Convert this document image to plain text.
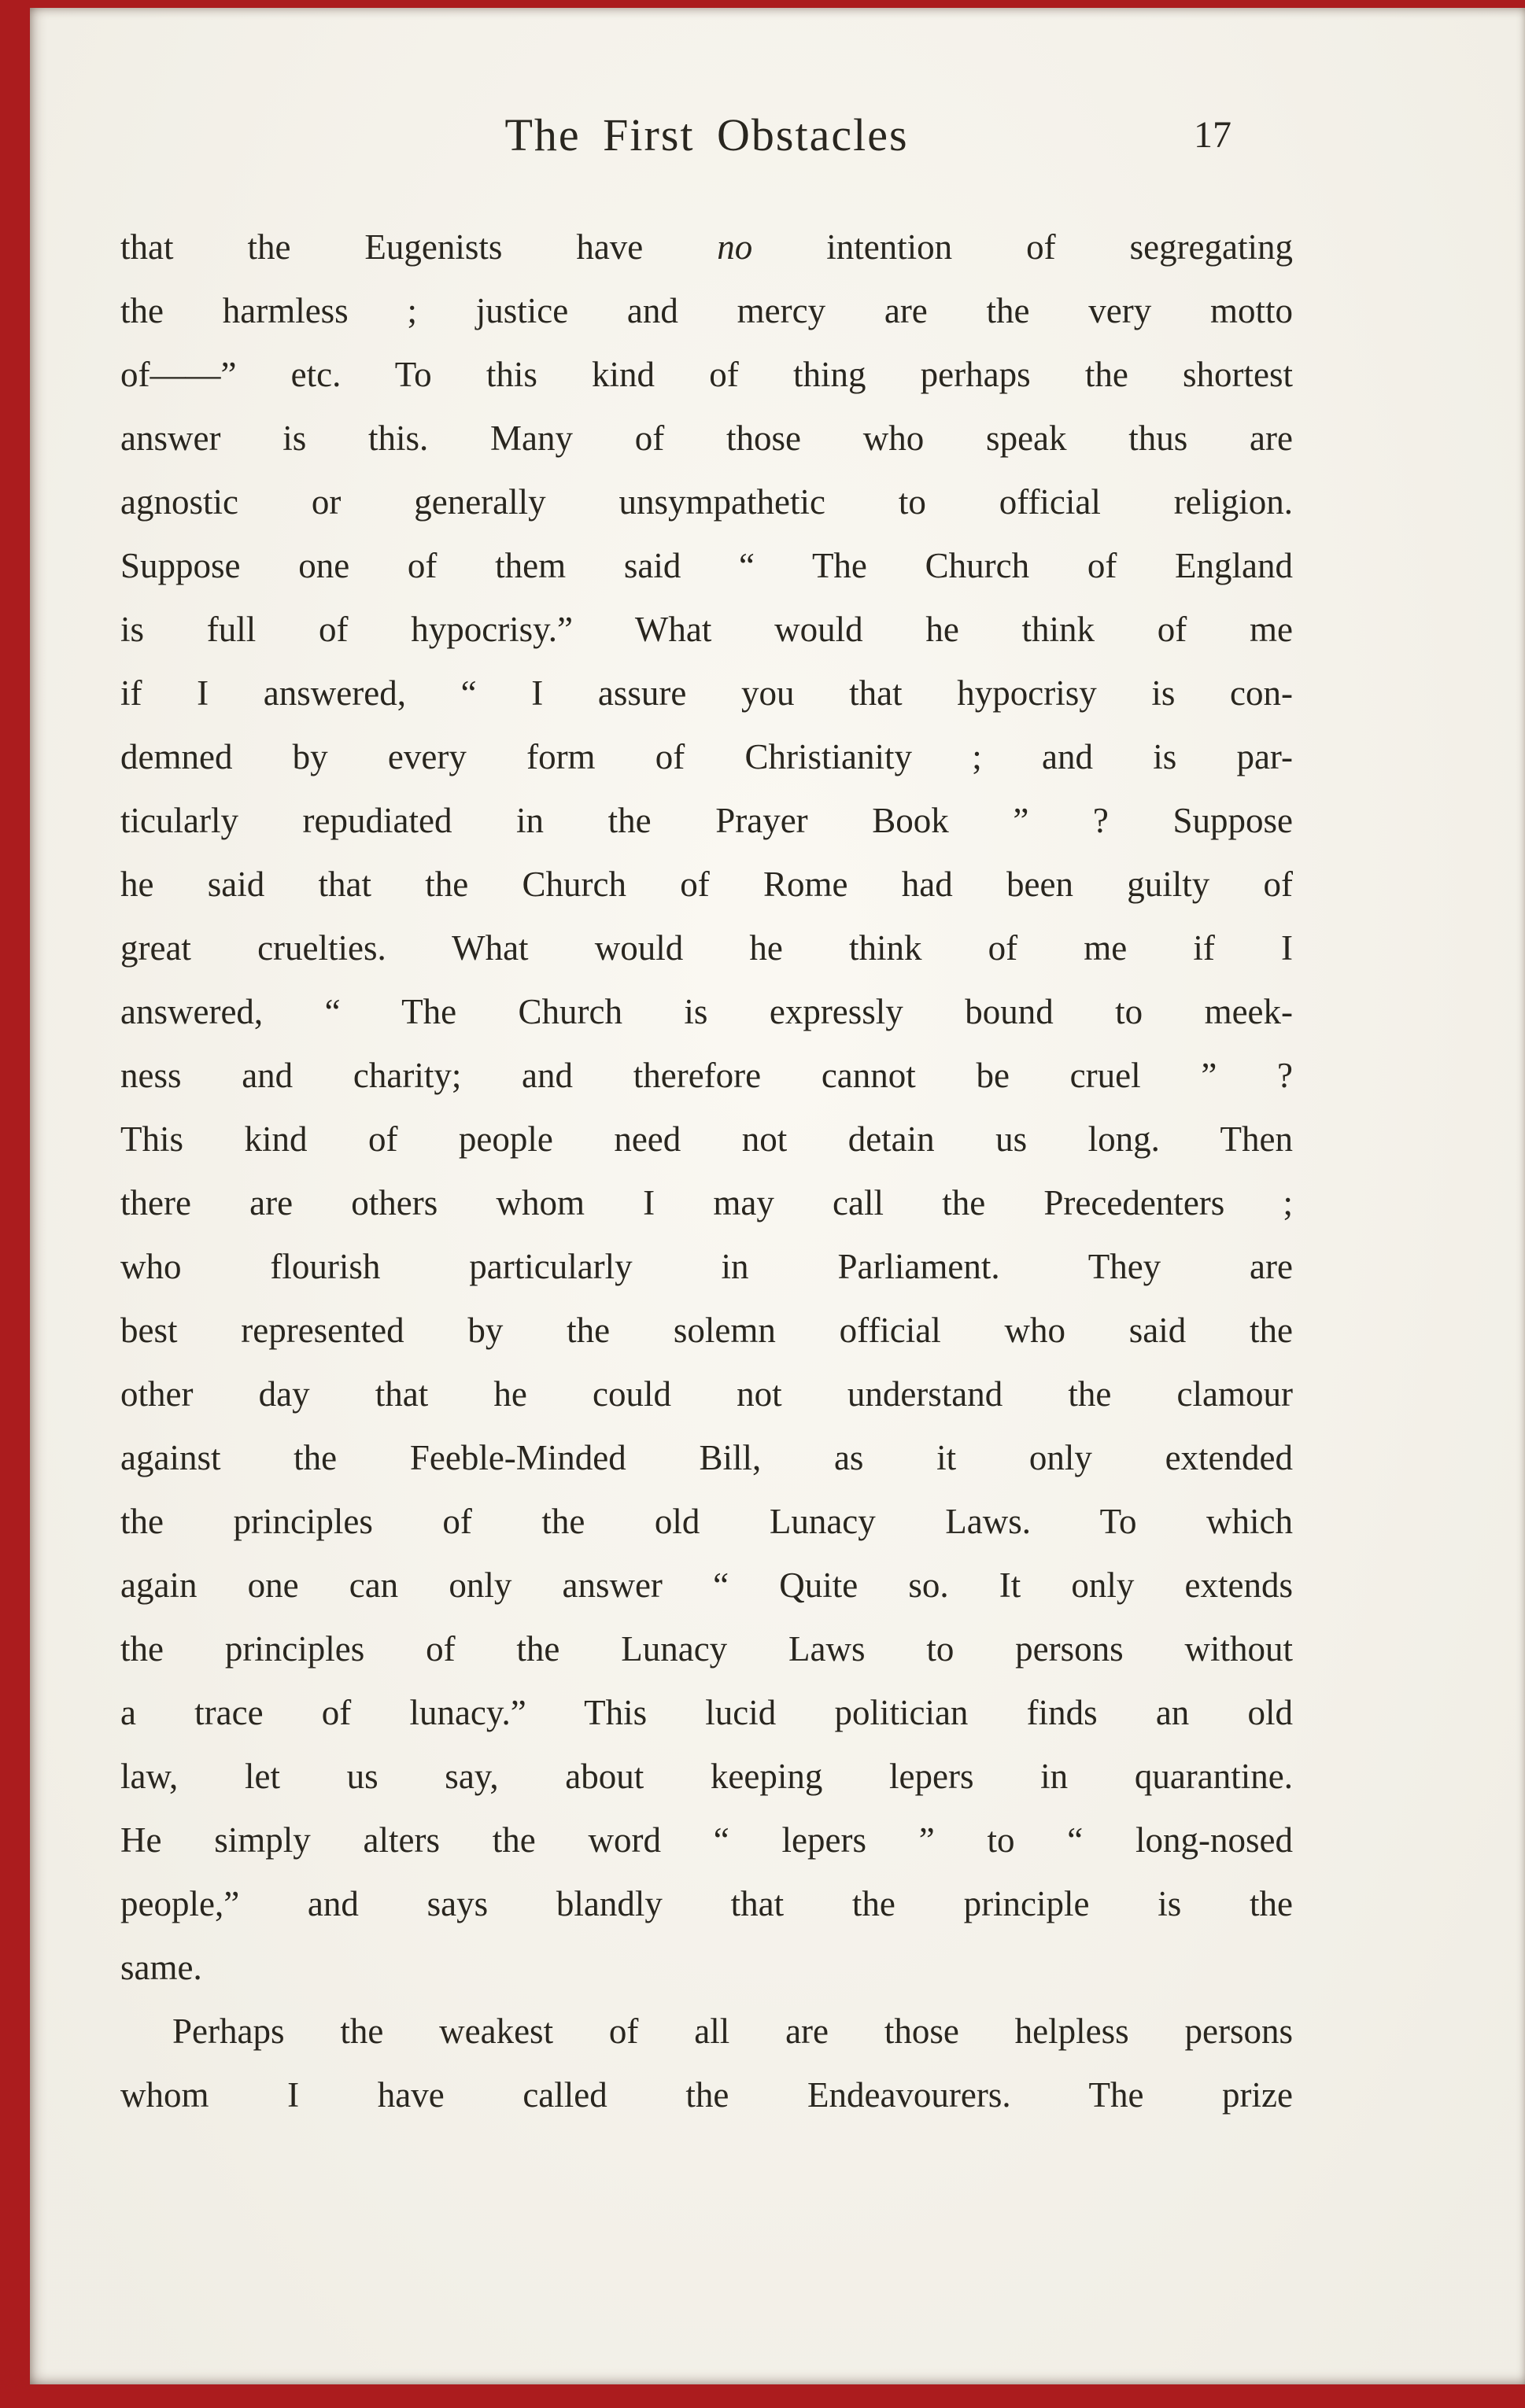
The First Obstacles	17
that the Eugenists have no intention of segregating
the harmless ; justice and mercy are the very motto
of——” etc. To this kind of thing perhaps the shortest
answer is this. Many of those who speak thus are
agnostic or generally unsympathetic to official religion.
Suppose one of them said “ The Church of England
is full of hypocrisy.” What would he think of me
if I answered, “ I assure you that hypocrisy is con-
demned by every form of Christianity ; and is par-
ticularly repudiated in the Prayer Book ” ? Suppose
he said that the Church of Rome had been guilty of
great cruelties. What would he think of me if I
answered, “ The Church is expressly bound to meek-
ness and charity; and therefore cannot be cruel ” ?
This kind of people need not detain us long. Then
there are others whom I may call the Precedenters ;
who flourish particularly in Parliament. They are
best represented by the solemn official who said the
other day that he could not understand the clamour
against the Feeble-Minded Bill, as it only extended
the principles of the old Lunacy Laws. To which
again one can only answer “ Quite so. It only extends
the principles of the Lunacy Laws to persons without
a trace of lunacy.” This lucid politician finds an old
law, let us say, about keeping lepers in quarantine.
He simply alters the word “ lepers ” to “ long-nosed
people,” and says blandly that the principle is the
same.
Perhaps the weakest of all are those helpless persons
whom I have called the Endeavourers. The prize
